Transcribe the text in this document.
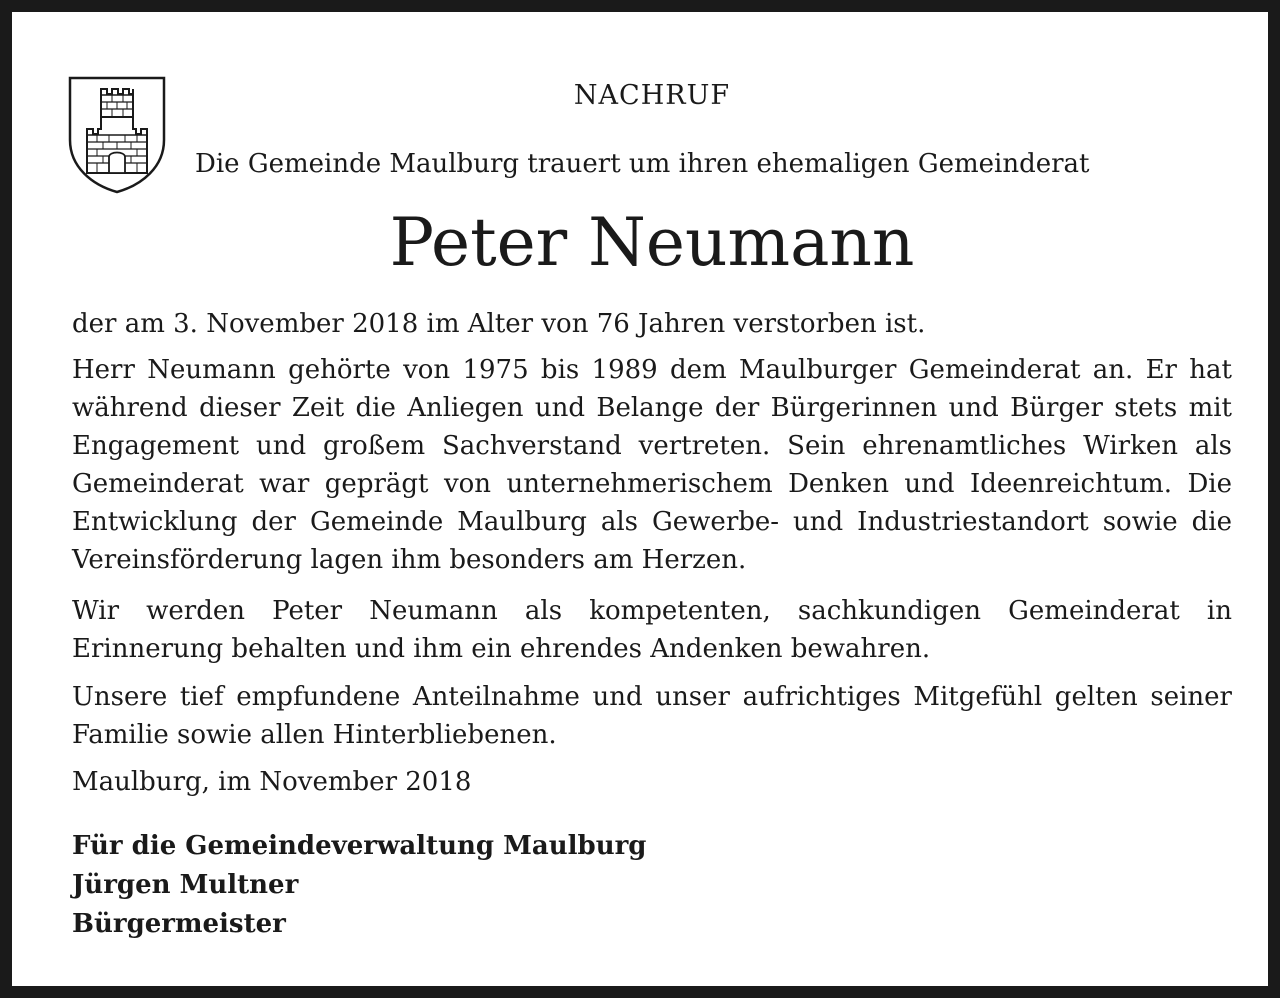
NACHRUF
Die Gemeinde Maulburg trauert um ihren ehemaligen Gemeinderat
Peter Neumann
der am 3. November 2018 im Alter von 76 Jahren verstorben ist.
Herr Neumann gehörte von 1975 bis 1989 dem Maulburger Gemeinderat an. Er hat während dieser Zeit die Anliegen und Belange der Bürgerinnen und Bürger stets mit Engagement und großem Sachverstand vertreten. Sein ehrenamtliches Wirken als Gemeinderat war geprägt von unternehmerischem Denken und Ideenreichtum. Die Entwicklung der Gemeinde Maulburg als Gewerbe- und Industriestandort sowie die Vereinsförderung lagen ihm besonders am Herzen.
Wir werden Peter Neumann als kompetenten, sachkundigen Gemeinderat in Erinnerung behalten und ihm ein ehrendes Andenken bewahren.
Unsere tief empfundene Anteilnahme und unser aufrichtiges Mitgefühl gelten seiner Familie sowie allen Hinterbliebenen.
Maulburg, im November 2018
Für die Gemeindeverwaltung Maulburg
Jürgen Multner
Bürgermeister
